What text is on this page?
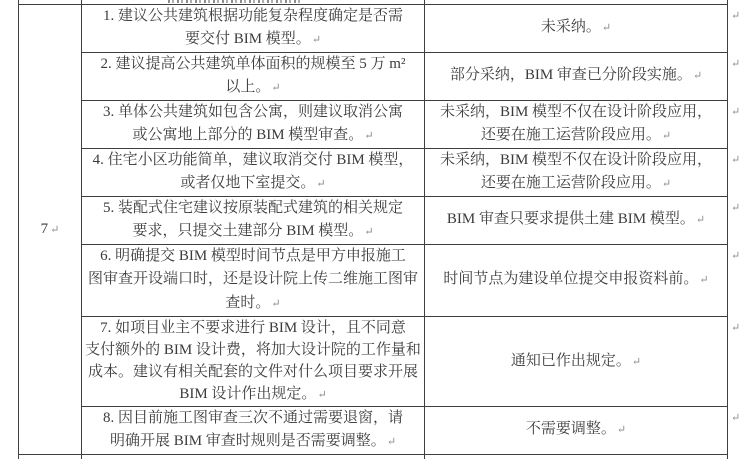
7 ↵
1. 建议公共建筑根据功能复杂程度确定是否需
要交付 BIM 模型。↵
未采纳。↵
2. 建议提高公共建筑单体面积的规模至 5 万 m²
以上。↵
部分采纳，BIM 审查已分阶段实施。↵
3. 单体公共建筑如包含公寓，则建议取消公寓
或公寓地上部分的 BIM 模型审查。↵
未采纳，BIM 模型不仅在设计阶段应用，
还要在施工运营阶段应用。↵
4. 住宅小区功能简单，建议取消交付 BIM 模型，
或者仅地下室提交。↵
未采纳，BIM 模型不仅在设计阶段应用，
还要在施工运营阶段应用。↵
5. 装配式住宅建议按原装配式建筑的相关规定
要求，只提交土建部分 BIM 模型。↵
BIM 审查只要求提供土建 BIM 模型。↵
6. 明确提交 BIM 模型时间节点是甲方申报施工
图审查开设端口时，还是设计院上传二维施工图审
查时。↵
时间节点为建设单位提交申报资料前。↵
7. 如项目业主不要求进行 BIM 设计，且不同意
支付额外的 BIM 设计费，将加大设计院的工作量和
成本。建议有相关配套的文件对什么项目要求开展
BIM 设计作出规定。↵
通知已作出规定。↵
8. 因目前施工图审查三次不通过需要退窗，请
明确开展 BIM 审查时规则是否需要调整。↵
不需要调整。↵
↵
↵
↵
↵
↵
↵
↵
↵
